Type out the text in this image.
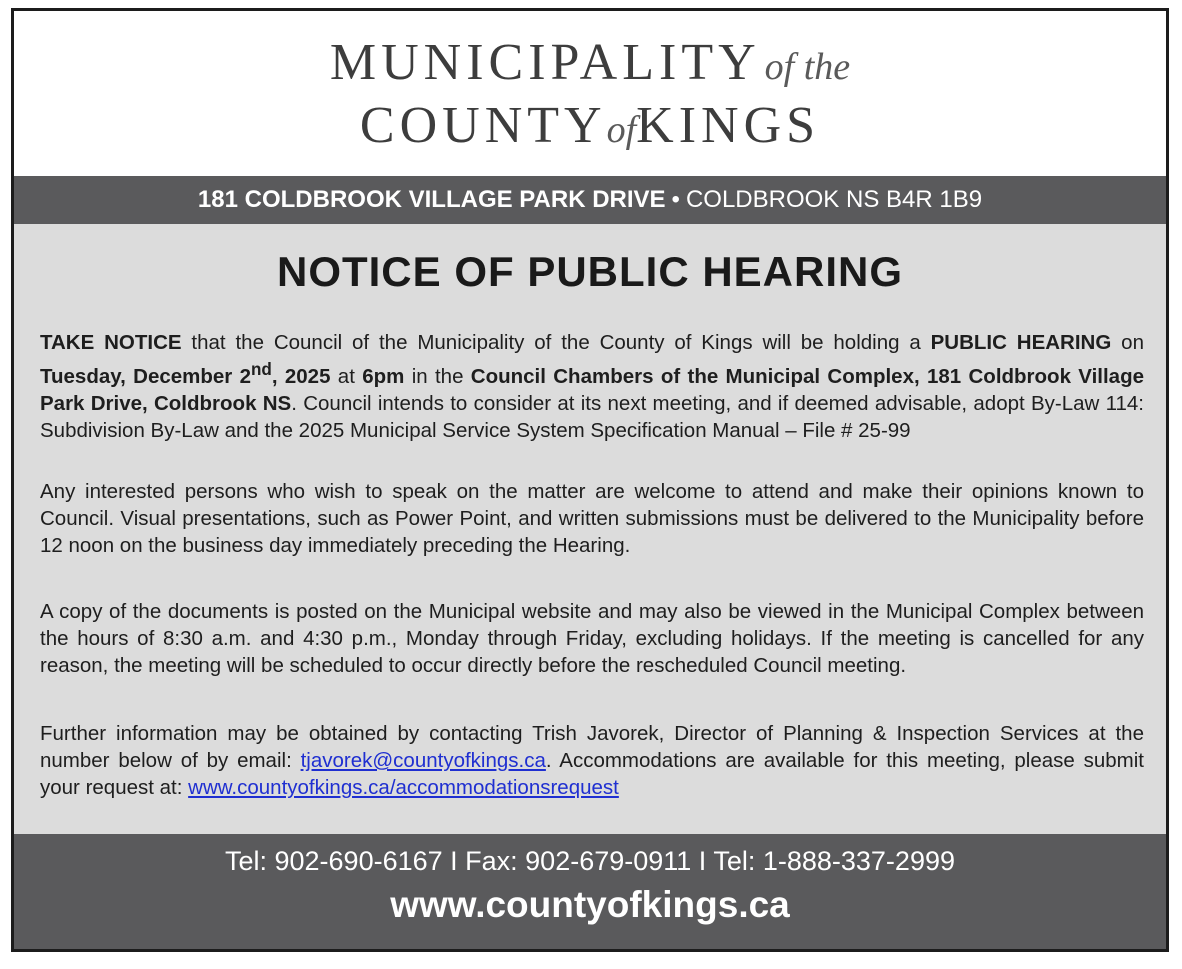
MUNICIPALITY of the
COUNTYofKINGS
181 COLDBROOK VILLAGE PARK DRIVE • COLDBROOK NS B4R 1B9
NOTICE OF PUBLIC HEARING
TAKE NOTICE that the Council of the Municipality of the County of Kings will be holding a PUBLIC HEARING on Tuesday, December 2nd, 2025 at 6pm in the Council Chambers of the Municipal Complex, 181 Coldbrook Village Park Drive, Coldbrook NS. Council intends to consider at its next meeting, and if deemed advisable, adopt By-Law 114: Subdivision By-Law and the 2025 Municipal Service System Specification Manual – File # 25-99
Any interested persons who wish to speak on the matter are welcome to attend and make their opinions known to Council. Visual presentations, such as Power Point, and written submissions must be delivered to the Municipality before 12 noon on the business day immediately preceding the Hearing.
A copy of the documents is posted on the Municipal website and may also be viewed in the Municipal Complex between the hours of 8:30 a.m. and 4:30 p.m., Monday through Friday, excluding holidays. If the meeting is cancelled for any reason, the meeting will be scheduled to occur directly before the rescheduled Council meeting.
Further information may be obtained by contacting Trish Javorek, Director of Planning & Inspection Services at the number below of by email: tjavorek@countyofkings.ca. Accommodations are available for this meeting, please submit your request at: www.countyofkings.ca/accommodationsrequest
Tel: 902-690-6167 I Fax: 902-679-0911 I Tel: 1-888-337-2999
www.countyofkings.ca
